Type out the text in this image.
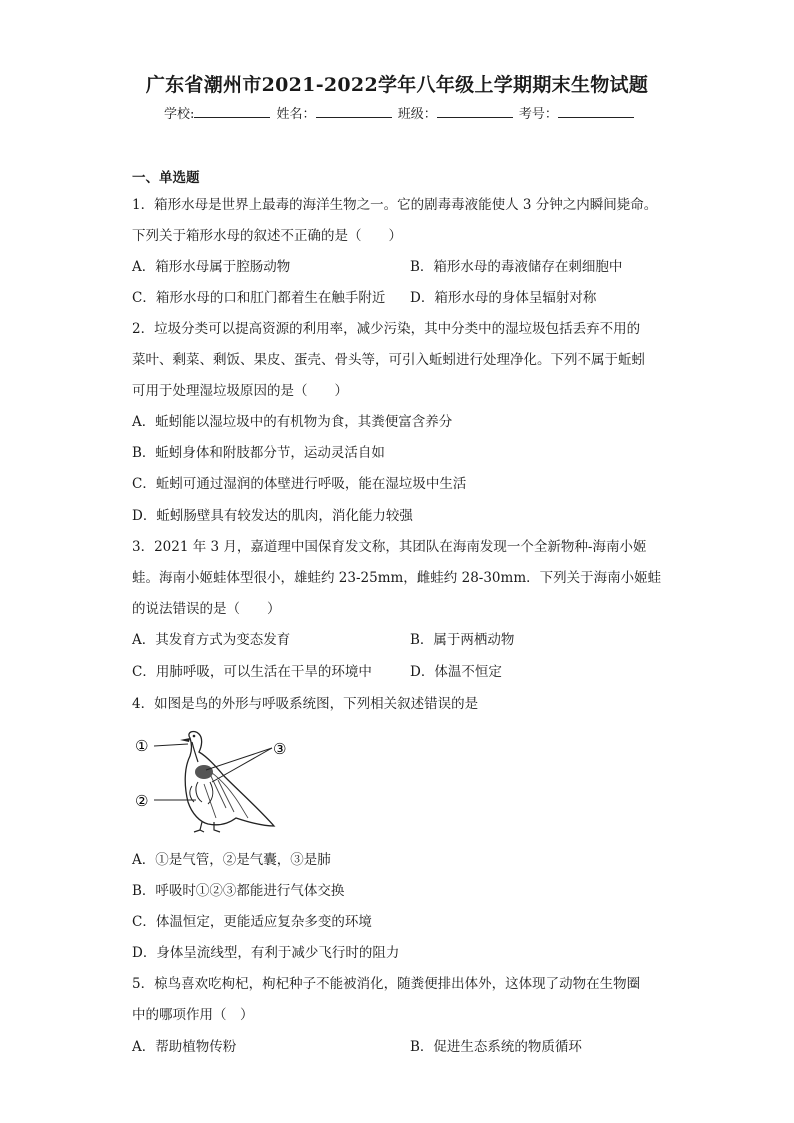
广东省潮州市2021-2022学年八年级上学期期末生物试题
学校:	姓名：	班级：	考号：
一、单选题
1．箱形水母是世界上最毒的海洋生物之一。它的剧毒毒液能使人 3 分钟之内瞬间毙命。
下列关于箱形水母的叙述不正确的是（　　）
A．箱形水母属于腔肠动物	B．箱形水母的毒液储存在刺细胞中
C．箱形水母的口和肛门都着生在触手附近 D．箱形水母的身体呈辐射对称
2．垃圾分类可以提高资源的利用率，减少污染，其中分类中的湿垃圾包括丢弃不用的
菜叶、剩菜、剩饭、果皮、蛋壳、骨头等，可引入蚯蚓进行处理净化。下列不属于蚯蚓
可用于处理湿垃圾原因的是（　　）
A．蚯蚓能以湿垃圾中的有机物为食，其粪便富含养分
B．蚯蚓身体和附肢都分节，运动灵活自如
C．蚯蚓可通过湿润的体壁进行呼吸，能在湿垃圾中生活
D．蚯蚓肠壁具有较发达的肌肉，消化能力较强
3．2021 年 3 月，嘉道理中国保育发文称，其团队在海南发现一个全新物种-海南小姬
蛙。海南小姬蛙体型很小，雄蛙约 23-25mm，雌蛙约 28-30mm．下列关于海南小姬蛙
的说法错误的是（　　）
A．其发育方式为变态发育	B．属于两栖动物
C．用肺呼吸，可以生活在干旱的环境中	D．体温不恒定
4．如图是鸟的外形与呼吸系统图，下列相关叙述错误的是
①
②
③
A．①是气管，②是气囊，③是肺
B．呼吸时①②③都能进行气体交换
C．体温恒定，更能适应复杂多变的环境
D．身体呈流线型，有利于减少飞行时的阻力
5．椋鸟喜欢吃枸杞，枸杞种子不能被消化，随粪便排出体外，这体现了动物在生物圈
中的哪项作用（　）
A．帮助植物传粉	B．促进生态系统的物质循环
